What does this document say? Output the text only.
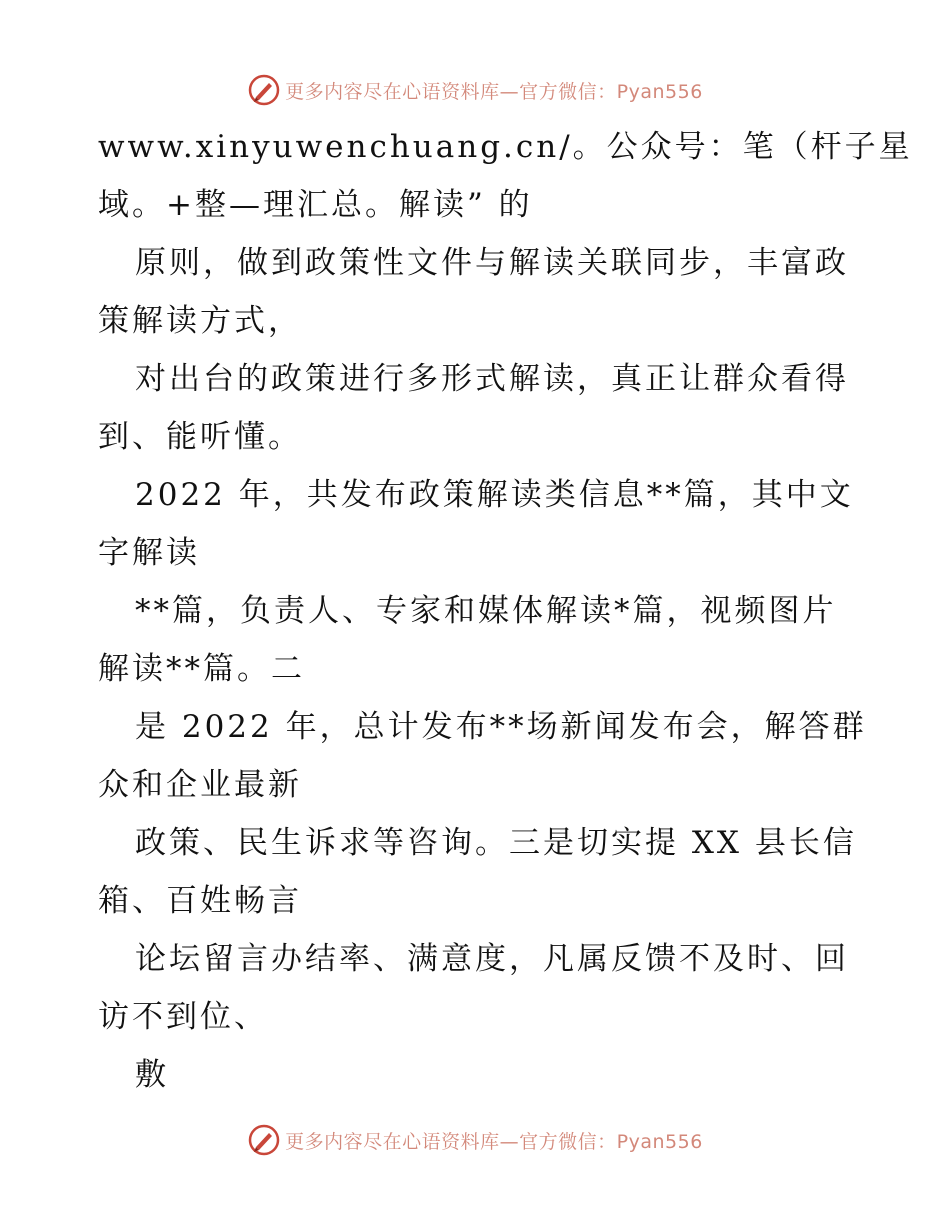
更多内容尽在心语资料库—官方微信：Pyan556
www.xinyuwenchuang.cn/。公众号：笔（杆子星
域。+整—理汇总。解读” 的
原则，做到政策性文件与解读关联同步，丰富政
策解读方式，
对出台的政策进行多形式解读，真正让群众看得
到、能听懂。
2022 年，共发布政策解读类信息**篇，其中文
字解读
**篇，负责人、专家和媒体解读*篇，视频图片
解读**篇。二
是 2022 年，总计发布**场新闻发布会，解答群
众和企业最新
政策、民生诉求等咨询。三是切实提 XX 县长信
箱、百姓畅言
论坛留言办结率、满意度，凡属反馈不及时、回
访不到位、
敷
更多内容尽在心语资料库—官方微信：Pyan556
